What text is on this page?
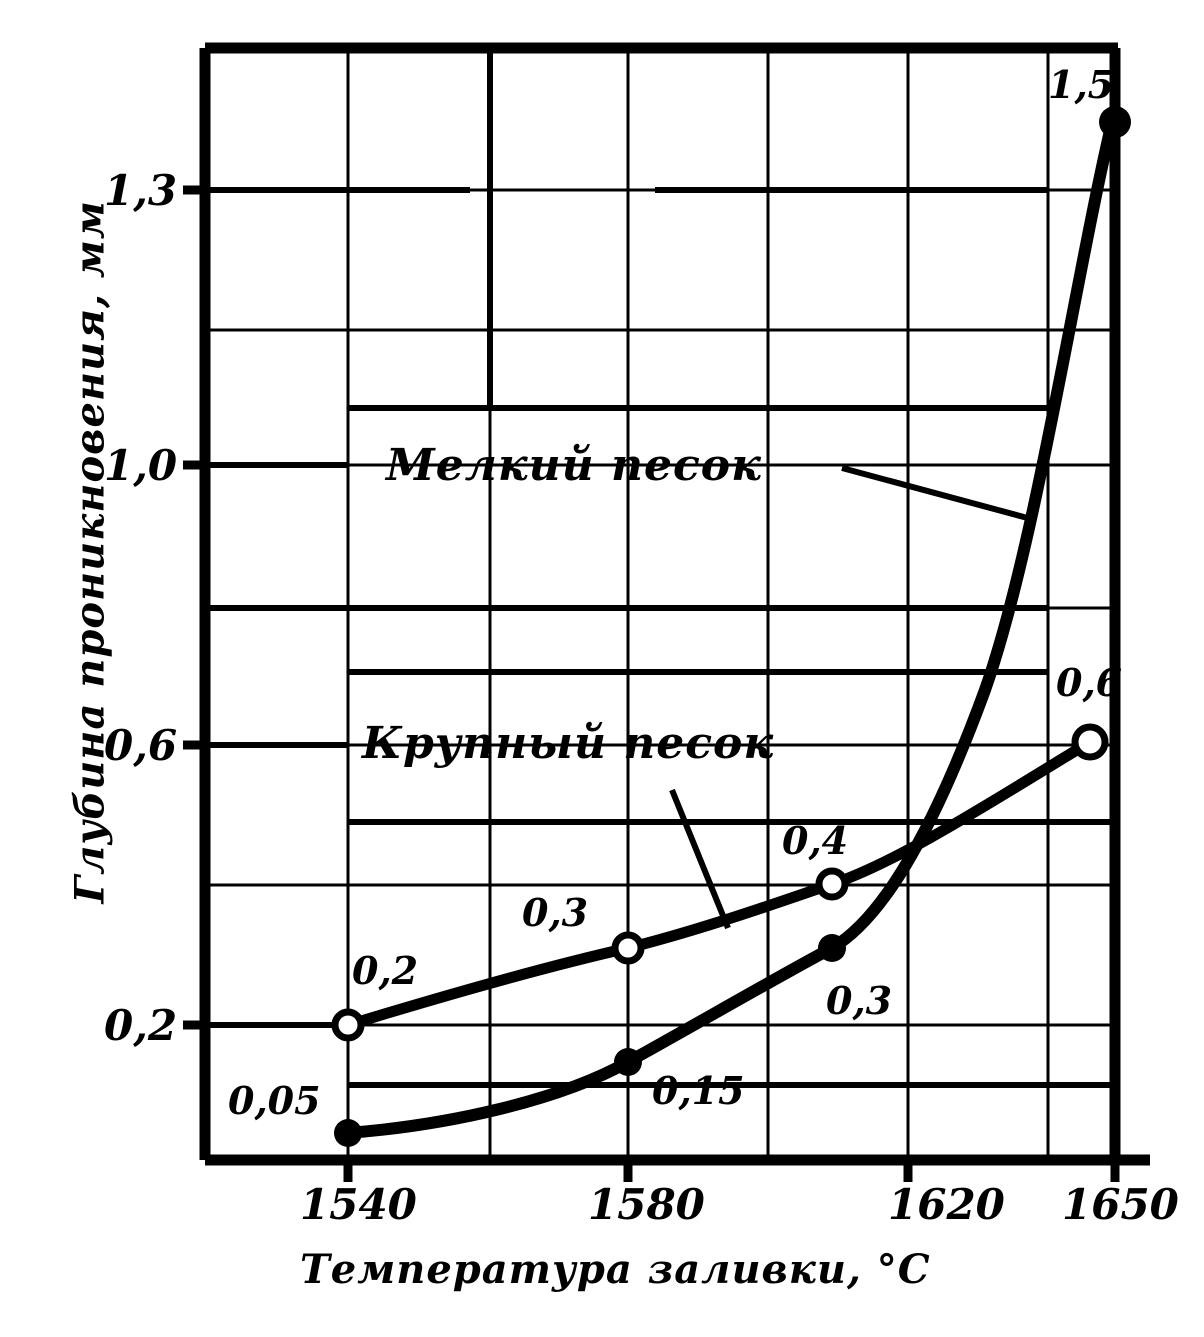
Глубина проникновения, мм
Температура заливки, °C
1,3
1,0
0,6
0,2
1540	1580	1620 1650
Мелкий песок
Крупный песок
0,05	0,15
0,3
1,5
0,2
0,3
0,4
0,6
